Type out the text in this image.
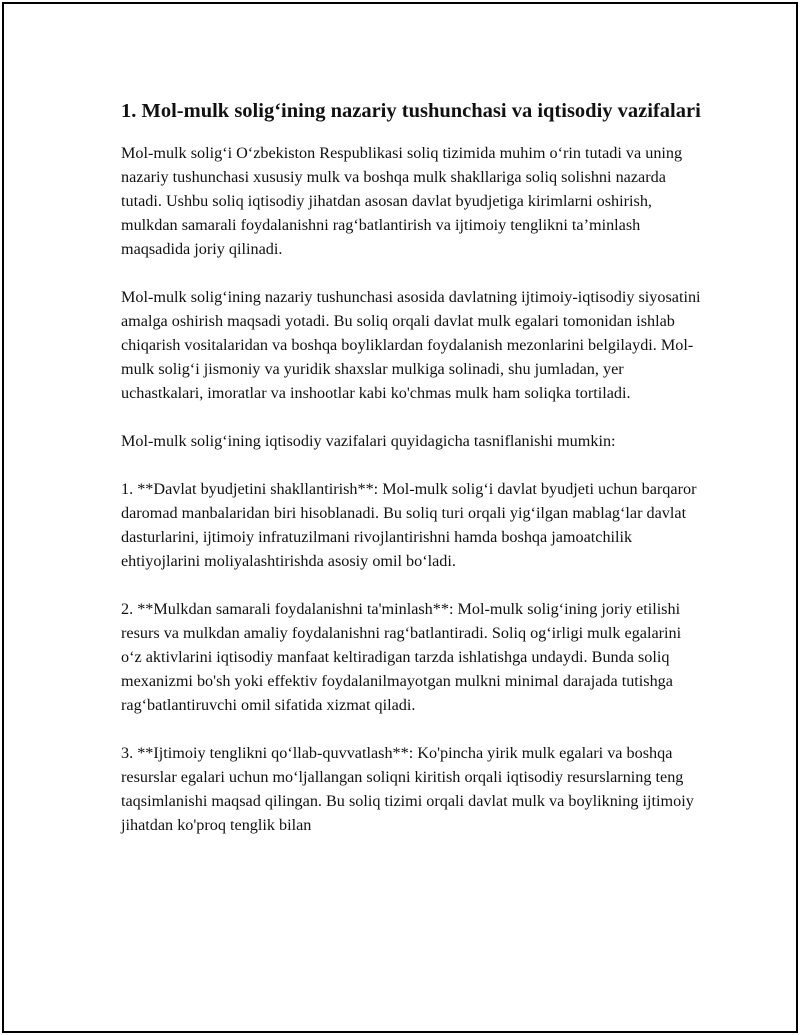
1. Mol-mulk solig‘ining nazariy tushunchasi va iqtisodiy vazifalari

Mol-mulk solig‘i O‘zbekiston Respublikasi soliq tizimida muhim o‘rin tutadi va uning nazariy tushunchasi xususiy mulk va boshqa mulk shakllariga soliq solishni nazarda tutadi. Ushbu soliq iqtisodiy jihatdan asosan davlat byudjetiga kirimlarni oshirish, mulkdan samarali foydalanishni rag‘batlantirish va ijtimoiy tenglikni ta’minlash maqsadida joriy qilinadi.

Mol-mulk solig‘ining nazariy tushunchasi asosida davlatning ijtimoiy-iqtisodiy siyosatini amalga oshirish maqsadi yotadi. Bu soliq orqali davlat mulk egalari tomonidan ishlab chiqarish vositalaridan va boshqa boyliklardan foydalanish mezonlarini belgilaydi. Mol-mulk solig‘i jismoniy va yuridik shaxslar mulkiga solinadi, shu jumladan, yer uchastkalari, imoratlar va inshootlar kabi ko'chmas mulk ham soliqka tortiladi.

Mol-mulk solig‘ining iqtisodiy vazifalari quyidagicha tasniflanishi mumkin:

1. **Davlat byudjetini shakllantirish**: Mol-mulk solig‘i davlat byudjeti uchun barqaror daromad manbalaridan biri hisoblanadi. Bu soliq turi orqali yig‘ilgan mablag‘lar davlat dasturlarini, ijtimoiy infratuzilmani rivojlantirishni hamda boshqa jamoatchilik ehtiyojlarini moliyalashtirishda asosiy omil bo‘ladi.

2. **Mulkdan samarali foydalanishni ta'minlash**: Mol-mulk solig‘ining joriy etilishi resurs va mulkdan amaliy foydalanishni rag‘batlantiradi. Soliq og‘irligi mulk egalarini o‘z aktivlarini iqtisodiy manfaat keltiradigan tarzda ishlatishga undaydi. Bunda soliq mexanizmi bo'sh yoki effektiv foydalanilmayotgan mulkni minimal darajada tutishga rag‘batlantiruvchi omil sifatida xizmat qiladi.

3. **Ijtimoiy tenglikni qo‘llab-quvvatlash**: Ko'pincha yirik mulk egalari va boshqa resurslar egalari uchun mo‘ljallangan soliqni kiritish orqali iqtisodiy resurslarning teng taqsimlanishi maqsad qilingan. Bu soliq tizimi orqali davlat mulk va boylikning ijtimoiy jihatdan ko'proq tenglik bilan
